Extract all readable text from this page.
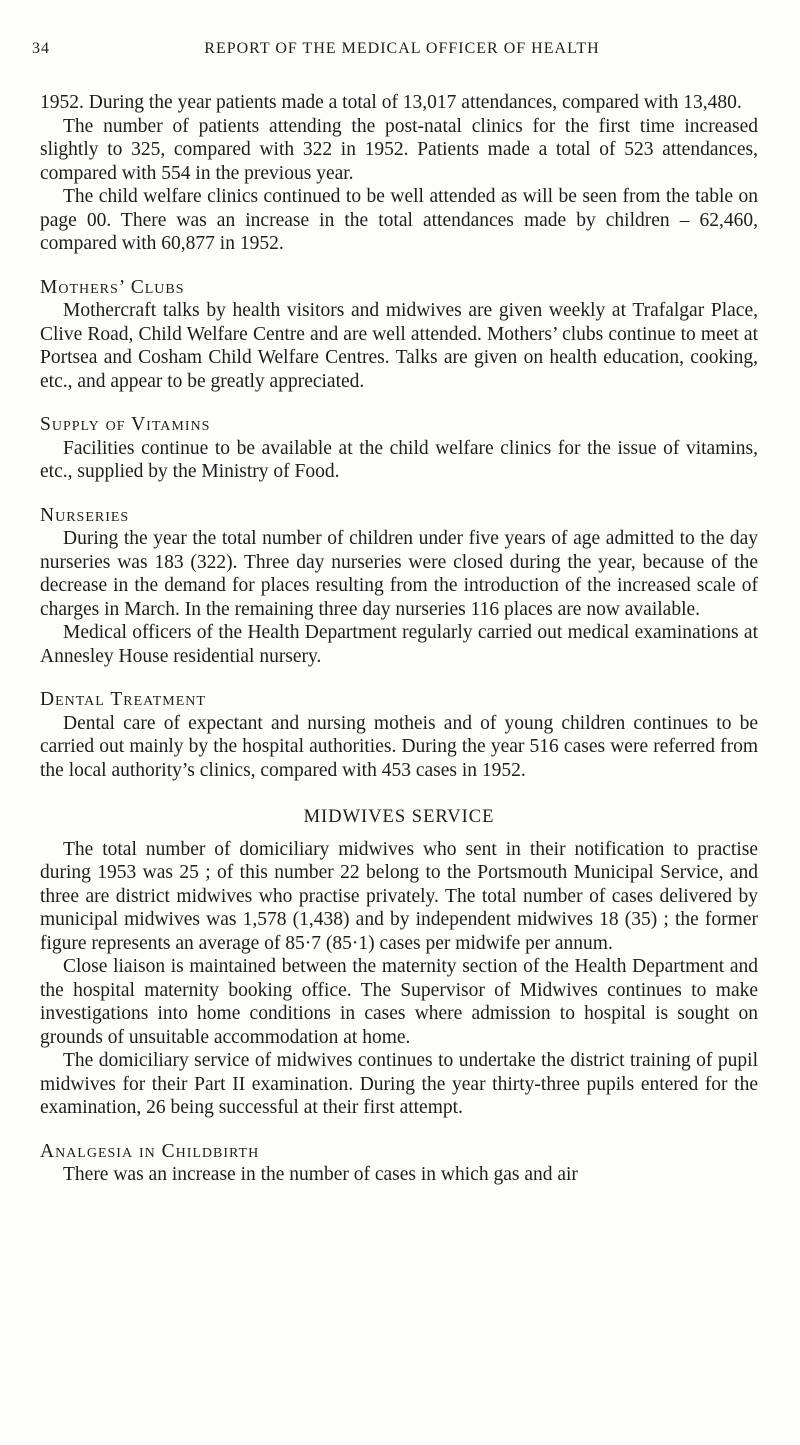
34	REPORT OF THE MEDICAL OFFICER OF HEALTH

1952. During the year patients made a total of 13,017 attendances, compared with 13,480.

The number of patients attending the post-natal clinics for the first time increased slightly to 325, compared with 322 in 1952. Patients made a total of 523 attendances, compared with 554 in the previous year.

The child welfare clinics continued to be well attended as will be seen from the table on page 00. There was an increase in the total attendances made by children – 62,460, compared with 60,877 in 1952.

Mothers’ Clubs

Mothercraft talks by health visitors and midwives are given weekly at Trafalgar Place, Clive Road, Child Welfare Centre and are well attended. Mothers’ clubs continue to meet at Portsea and Cosham Child Welfare Centres. Talks are given on health education, cooking, etc., and appear to be greatly appreciated.

Supply of Vitamins

Facilities continue to be available at the child welfare clinics for the issue of vitamins, etc., supplied by the Ministry of Food.

Nurseries

During the year the total number of children under five years of age admitted to the day nurseries was 183 (322). Three day nurseries were closed during the year, because of the decrease in the demand for places resulting from the introduction of the increased scale of charges in March. In the remaining three day nurseries 116 places are now available.

Medical officers of the Health Department regularly carried out medical examinations at Annesley House residential nursery.

Dental Treatment

Dental care of expectant and nursing motheis and of young children continues to be carried out mainly by the hospital authorities. During the year 516 cases were referred from the local authority’s clinics, compared with 453 cases in 1952.

MIDWIVES SERVICE

The total number of domiciliary midwives who sent in their notification to practise during 1953 was 25 ; of this number 22 belong to the Portsmouth Municipal Service, and three are district midwives who practise privately. The total number of cases delivered by municipal midwives was 1,578 (1,438) and by independent midwives 18 (35) ; the former figure represents an average of 85·7 (85·1) cases per midwife per annum.

Close liaison is maintained between the maternity section of the Health Department and the hospital maternity booking office. The Supervisor of Midwives continues to make investigations into home conditions in cases where admission to hospital is sought on grounds of unsuitable accommodation at home.

The domiciliary service of midwives continues to undertake the district training of pupil midwives for their Part II examination. During the year thirty-three pupils entered for the examination, 26 being successful at their first attempt.

Analgesia in Childbirth

There was an increase in the number of cases in which gas and air
